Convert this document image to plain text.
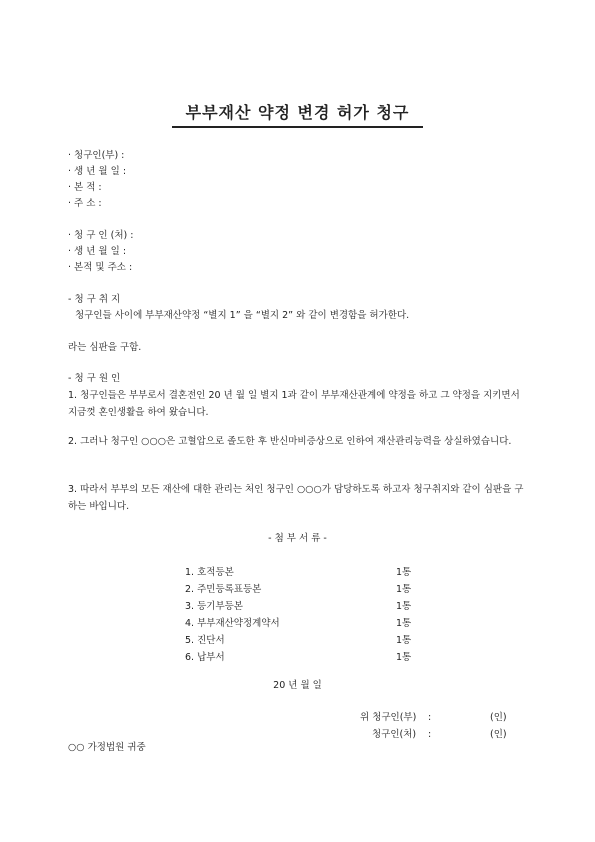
부부재산 약정 변경 허가 청구
· 청구인(부) :
· 생 년 월 일 :
· 본 적 :
· 주 소 :
· 청 구 인 (처) :
· 생 년 월 일 :
· 본적 및 주소 :
- 청 구 취 지
청구인들 사이에 부부재산약정 “별지 1” 을 “별지 2” 와 같이 변경함을 허가한다.
라는 심판을 구함.
- 청 구 원 인
1. 청구인들은 부부로서 결혼전인 20 년 월 일 별지 1과 같이 부부재산관계에 약정을 하고 그 약정을 지키면서 지금껏 혼인생활을 하여 왔습니다.
2. 그러나 청구인 ○○○은 고혈압으로 졸도한 후 반신마비증상으로 인하여 재산관리능력을 상실하였습니다.
3. 따라서 부부의 모든 재산에 대한 관리는 처인 청구인 ○○○가 담당하도록 하고자 청구취지와 같이 심판을 구하는 바입니다.
- 첨 부 서 류 -
1. 호적등본	1통
2. 주민등록표등본	1통
3. 등기부등본	1통
4. 부부재산약정계약서	1통
5. 진단서	1통
6. 납부서	1통
20 년 월 일
위 청구인(부) :	(인)
청구인(처) :	(인)
○○ 가정법원 귀중
